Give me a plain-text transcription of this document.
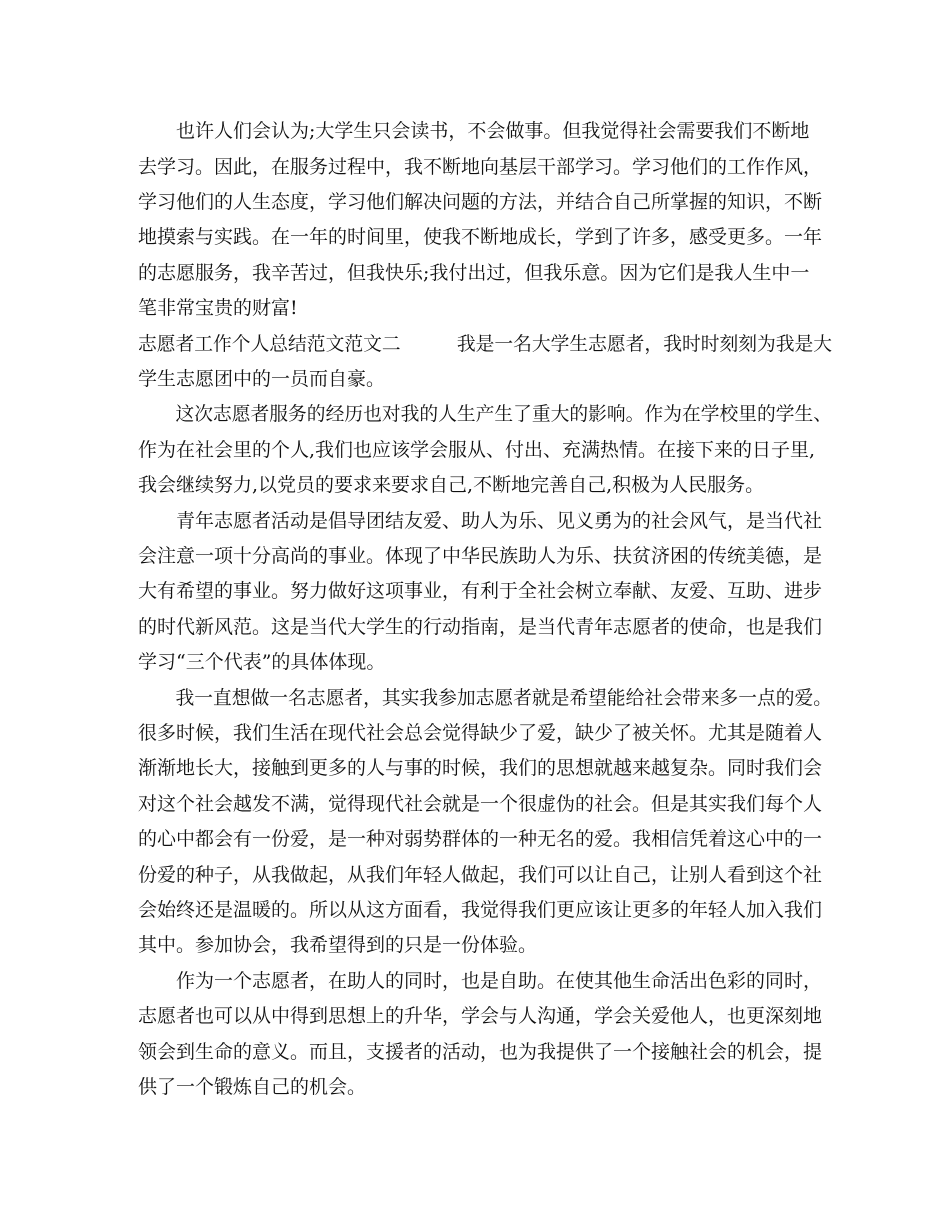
　　也许人们会认为;大学生只会读书，不会做事。但我觉得社会需要我们不断地
去学习。因此，在服务过程中，我不断地向基层干部学习。学习他们的工作作风，
学习他们的人生态度，学习他们解决问题的方法，并结合自己所掌握的知识，不断
地摸索与实践。在一年的时间里，使我不断地成长，学到了许多，感受更多。一年
的志愿服务，我辛苦过，但我快乐;我付出过，但我乐意。因为它们是我人生中一
笔非常宝贵的财富!
志愿者工作个人总结范文范文二　　　我是一名大学生志愿者，我时时刻刻为我是大
学生志愿团中的一员而自豪。
　　这次志愿者服务的经历也对我的人生产生了重大的影响。作为在学校里的学生、
作为在社会里的个人,我们也应该学会服从、付出、充满热情。在接下来的日子里,
我会继续努力,以党员的要求来要求自己,不断地完善自己,积极为人民服务。
　　青年志愿者活动是倡导团结友爱、助人为乐、见义勇为的社会风气，是当代社
会注意一项十分高尚的事业。体现了中华民族助人为乐、扶贫济困的传统美德，是
大有希望的事业。努力做好这项事业，有利于全社会树立奉献、友爱、互助、进步
的时代新风范。这是当代大学生的行动指南，是当代青年志愿者的使命，也是我们
学习“三个代表”的具体体现。
　　我一直想做一名志愿者，其实我参加志愿者就是希望能给社会带来多一点的爱。
很多时候，我们生活在现代社会总会觉得缺少了爱，缺少了被关怀。尤其是随着人
渐渐地长大，接触到更多的人与事的时候，我们的思想就越来越复杂。同时我们会
对这个社会越发不满，觉得现代社会就是一个很虚伪的社会。但是其实我们每个人
的心中都会有一份爱，是一种对弱势群体的一种无名的爱。我相信凭着这心中的一
份爱的种子，从我做起，从我们年轻人做起，我们可以让自己，让别人看到这个社
会始终还是温暖的。所以从这方面看，我觉得我们更应该让更多的年轻人加入我们
其中。参加协会，我希望得到的只是一份体验。
　　作为一个志愿者，在助人的同时，也是自助。在使其他生命活出色彩的同时，
志愿者也可以从中得到思想上的升华，学会与人沟通，学会关爱他人，也更深刻地
领会到生命的意义。而且，支援者的活动，也为我提供了一个接触社会的机会，提
供了一个锻炼自己的机会。
